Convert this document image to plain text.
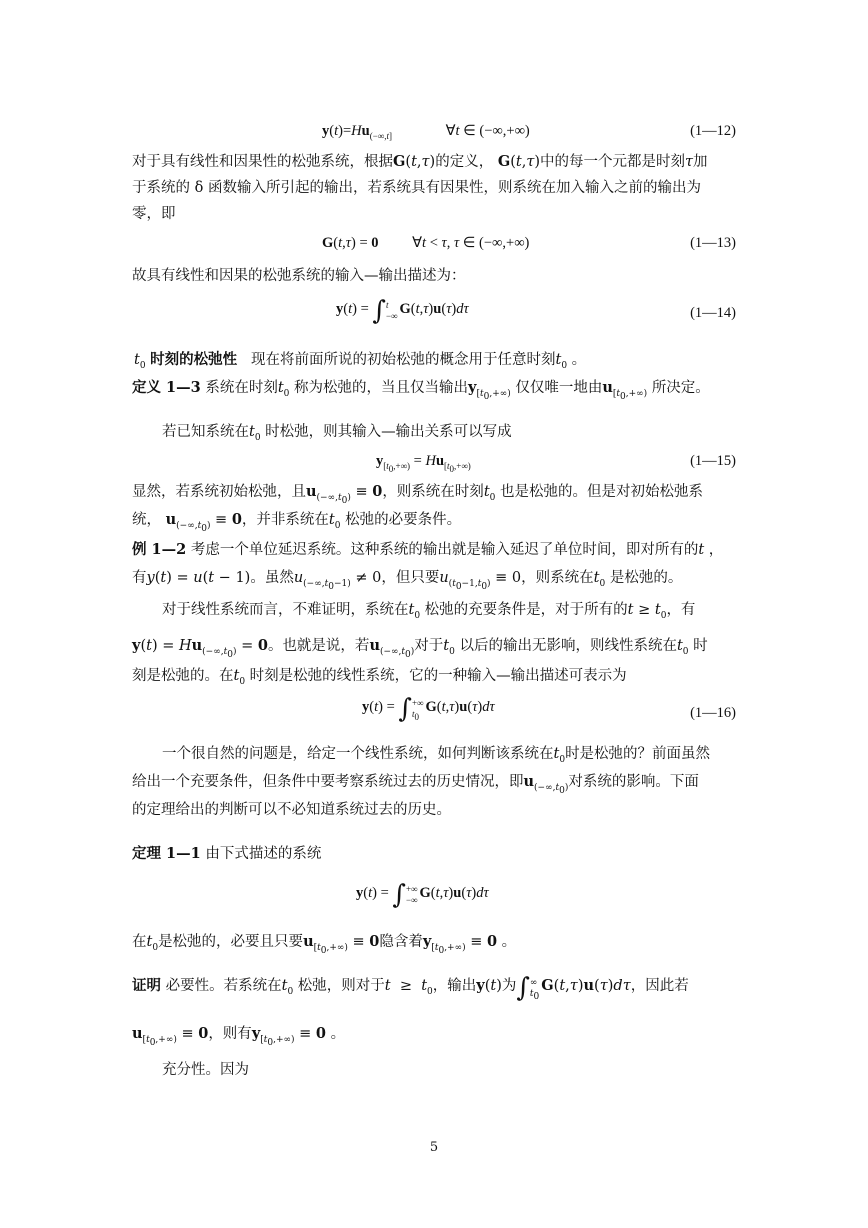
$y(t)=Hu_{(-\infty,t]}$	∀t ∈ (−∞,+∞)	(1—12)
对于具有线性和因果性的松弛系统，根据G(t,τ)的定义， G(t,τ)中的每一个元都是时刻τ加
于系统的 δ 函数输入所引起的输出，若系统具有因果性，则系统在加入输入之前的输出为
零，即
G(t,τ) = 0 ∀t < τ, τ ∈ (−∞,+∞)	(1—13)
故具有线性和因果的松弛系统的输入—输出描述为：
y(t) = ∫ t
−∞ G(t,τ)u(τ)dτ	(1—14)
$t_0$ 时刻的松弛性 现在将前面所说的初始松弛的概念用于任意时刻$t_0$ 。
定义 1—3 系统在时刻$t_0$ 称为松弛的，当且仅当输出$y_{[t_0,+\infty)}$ 仅仅唯一地由$u_{[t_0,+\infty)}$ 所决定。
若已知系统在$t_0$ 时松弛，则其输入—输出关系可以写成
$y_{[t_0,+\infty)} = Hu_{[t_0,+\infty)}$	(1—15)
显然，若系统初始松弛，且$u_{(-\infty,t_0)} \equiv 0$，则系统在时刻$t_0$ 也是松弛的。但是对初始松弛系
统， $u_{(-\infty,t_0)} \equiv 0$，并非系统在$t_0$ 松弛的必要条件。
例 1—2 考虑一个单位延迟系统。这种系统的输出就是输入延迟了单位时间，即对所有的t ，
有y(t) = u(t − 1)。虽然$u_{(-\infty,t_0-1)} \ne 0$，但只要$u_{(t_0-1,t_0)} \equiv 0$，则系统在$t_0$ 是松弛的。
对于线性系统而言，不难证明，系统在$t_0$ 松弛的充要条件是，对于所有的$t \ge t_0$，有
$y(t) = Hu_{(-\infty,t_0)} = 0$。也就是说，若$u_{(-\infty,t_0)}$对于$t_0$ 以后的输出无影响，则线性系统在$t_0$ 时
刻是松弛的。在$t_0$ 时刻是松弛的线性系统，它的一种输入—输出描述可表示为
y(t) = ∫ +∞
$t_0$
G(t,τ)u(τ)dτ	(1—16)
一个很自然的问题是，给定一个线性系统，如何判断该系统在$t_0$时是松弛的？前面虽然
给出一个充要条件，但条件中要考察系统过去的历史情况，即$u_{(-\infty,t_0)}$对系统的影响。下面
的定理给出的判断可以不必知道系统过去的历史。
定理 1—1 由下式描述的系统
y(t) = ∫ +∞
−∞ G(t,τ)u(τ)dτ
在$t_0$是松弛的，必要且只要$u_{[t_0,+\infty)} \equiv 0$隐含着$y_{[t_0,+\infty)} \equiv 0$ 。
证明 必要性。若系统在$t_0$ 松弛，则对于$t \ge t_0$，输出y(t)为∫ ∞
$t_0$
G(t,τ)u(τ)dτ，因此若
$u_{[t_0,+\infty)} \equiv 0$，则有$y_{[t_0,+\infty)} \equiv 0$ 。
充分性。因为
5
